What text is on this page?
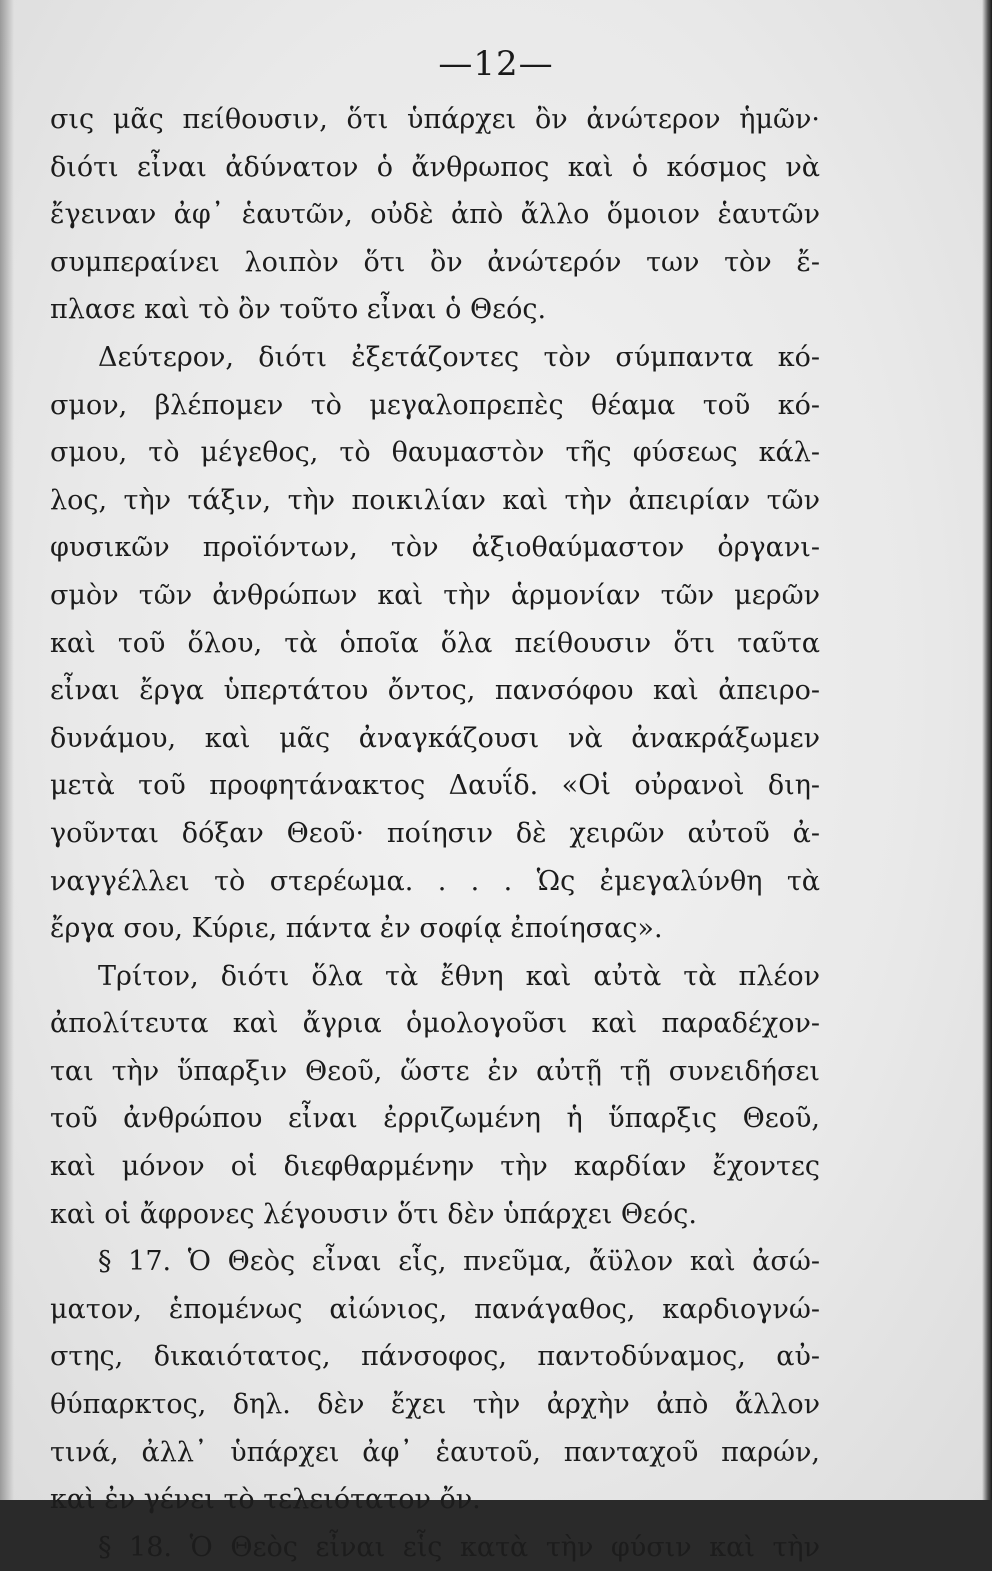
—12—
σις μᾶς πείθουσιν, ὅτι ὑπάρχει ὂν ἀνώτερον ἡμῶν·
διότι εἶναι ἀδύνατον ὁ ἄνθρωπος καὶ ὁ κόσμος νὰ
ἔγειναν ἀφ᾽ ἑαυτῶν, οὐδὲ ἀπὸ ἄλλο ὅμοιον ἑαυτῶν
συμπεραίνει λοιπὸν ὅτι ὂν ἀνώτερόν των τὸν ἔ-
πλασε καὶ τὸ ὂν τοῦτο εἶναι ὁ Θεός.
Δεύτερον, διότι ἐξετάζοντες τὸν σύμπαντα κό-
σμον, βλέπομεν τὸ μεγαλοπρεπὲς θέαμα τοῦ κό-
σμου, τὸ μέγεθος, τὸ θαυμαστὸν τῆς φύσεως κάλ-
λος, τὴν τάξιν, τὴν ποικιλίαν καὶ τὴν ἀπειρίαν τῶν
φυσικῶν προϊόντων, τὸν ἀξιοθαύμαστον ὀργανι-
σμὸν τῶν ἀνθρώπων καὶ τὴν ἁρμονίαν τῶν μερῶν
καὶ τοῦ ὅλου, τὰ ὁποῖα ὅλα πείθουσιν ὅτι ταῦτα
εἶναι ἔργα ὑπερτάτου ὄντος, πανσόφου καὶ ἀπειρο-
δυνάμου, καὶ μᾶς ἀναγκάζουσι νὰ ἀνακράξωμεν
μετὰ τοῦ προφητάνακτος Δαυΐδ. «Οἱ οὐρανοὶ διη-
γοῦνται δόξαν Θεοῦ· ποίησιν δὲ χειρῶν αὐτοῦ ἀ-
ναγγέλλει τὸ στερέωμα. . . . Ὡς ἐμεγαλύνθη τὰ
ἔργα σου, Κύριε, πάντα ἐν σοφίᾳ ἐποίησας».
Τρίτον, διότι ὅλα τὰ ἔθνη καὶ αὐτὰ τὰ πλέον
ἀπολίτευτα καὶ ἄγρια ὁμολογοῦσι καὶ παραδέχον-
ται τὴν ὕπαρξιν Θεοῦ, ὥστε ἐν αὐτῇ τῇ συνειδήσει
τοῦ ἀνθρώπου εἶναι ἐρριζωμένη ἡ ὕπαρξις Θεοῦ,
καὶ μόνον οἱ διεφθαρμένην τὴν καρδίαν ἔχοντες
καὶ οἱ ἄφρονες λέγουσιν ὅτι δὲν ὑπάρχει Θεός.
§ 17. Ὁ Θεὸς εἶναι εἷς, πνεῦμα, ἄϋλον καὶ ἀσώ-
ματον, ἑπομένως αἰώνιος, πανάγαθος, καρδιογνώ-
στης, δικαιότατος, πάνσοφος, παντοδύναμος, αὐ-
θύπαρκτος, δηλ. δὲν ἔχει τὴν ἀρχὴν ἀπὸ ἄλλον
τινά, ἀλλ᾽ ὑπάρχει ἀφ᾽ ἑαυτοῦ, πανταχοῦ παρών,
καὶ ἐν γένει τὸ τελειότατον ὄν.
§ 18. Ὁ Θεὸς εἶναι εἷς κατὰ τὴν φύσιν καὶ τὴν
